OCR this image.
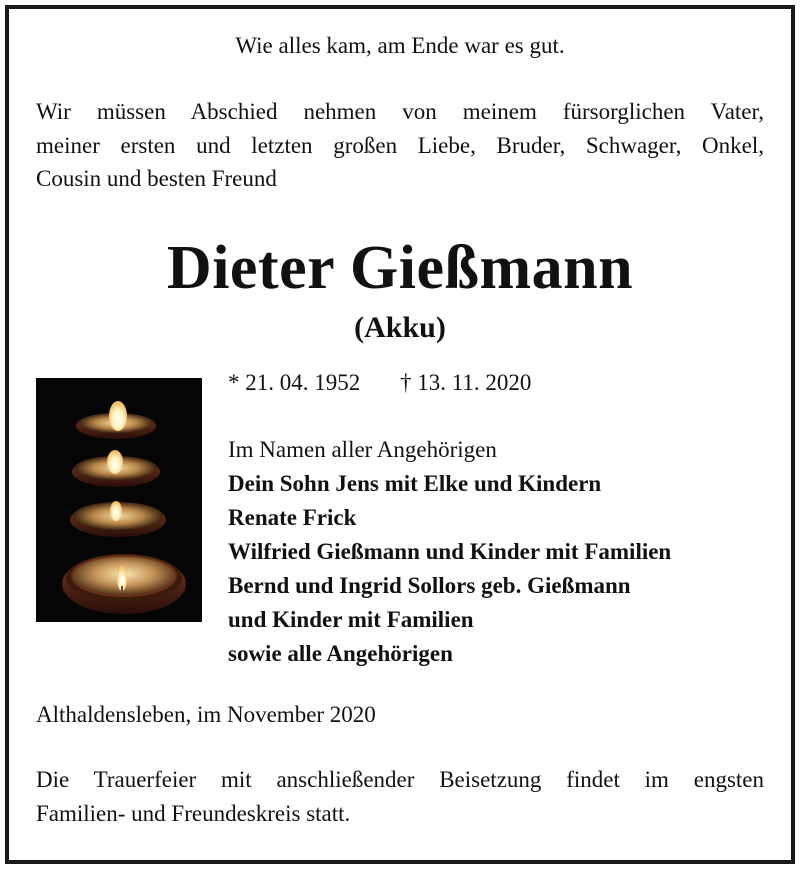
Wie alles kam, am Ende war es gut.
Wir müssen Abschied nehmen von meinem fürsorglichen Vater,
meiner ersten und letzten großen Liebe, Bruder, Schwager, Onkel,
Cousin und besten Freund
Dieter Gießmann
(Akku)
* 21. 04. 1952 † 13. 11. 2020
Im Namen aller Angehörigen
Dein Sohn Jens mit Elke und Kindern
Renate Frick
Wilfried Gießmann und Kinder mit Familien
Bernd und Ingrid Sollors geb. Gießmann
und Kinder mit Familien
sowie alle Angehörigen
Althaldensleben, im November 2020
Die Trauerfeier mit anschließender Beisetzung findet im engsten
Familien- und Freundeskreis statt.
